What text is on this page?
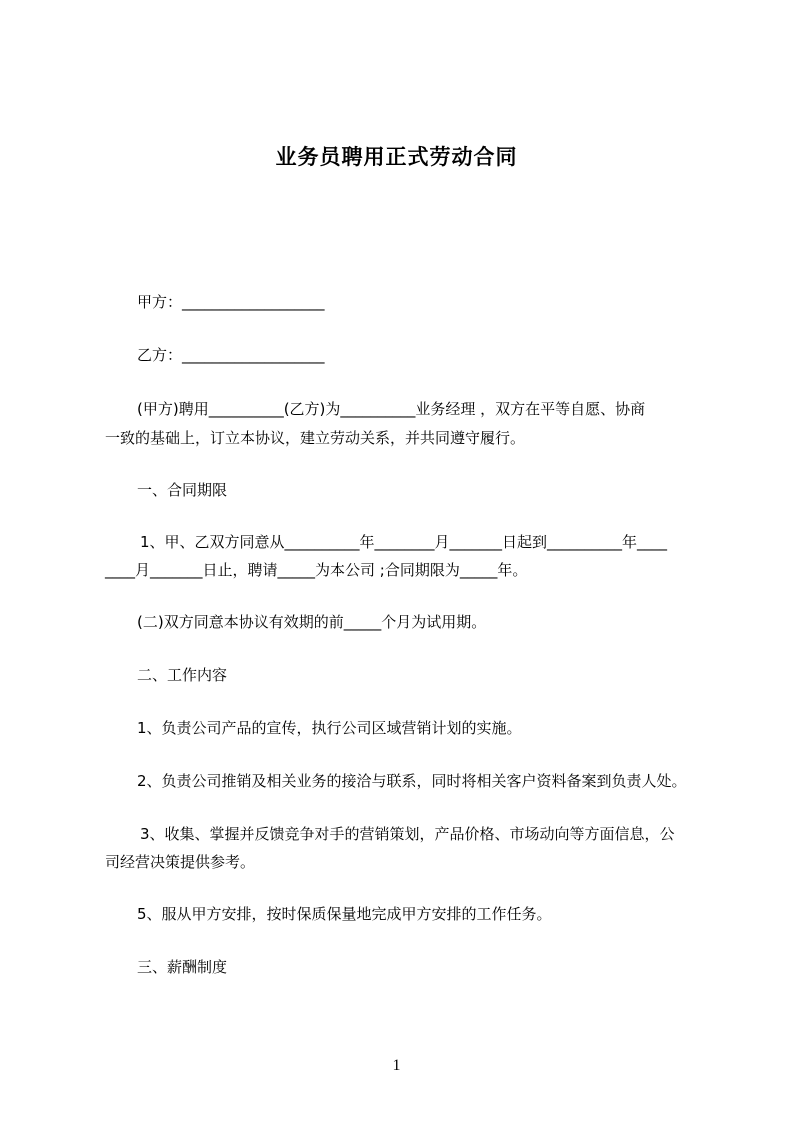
业务员聘用正式劳动合同
甲方：___________________
乙方：___________________
(甲方)聘用__________(乙方)为__________业务经理 ，双方在平等自愿、协商
一致的基础上，订立本协议，建立劳动关系，并共同遵守履行。
一、合同期限
1、甲、乙双方同意从__________年________月_______日起到__________年____
____月_______日止，聘请_____为本公司 ;合同期限为_____年。
(二)双方同意本协议有效期的前_____个月为试用期。
二、工作内容
1、负责公司产品的宣传，执行公司区域营销计划的实施。
2、负责公司推销及相关业务的接洽与联系，同时将相关客户资料备案到负责人处。
3、收集、掌握并反馈竞争对手的营销策划，产品价格、市场动向等方面信息，公
司经营决策提供参考。
5、服从甲方安排，按时保质保量地完成甲方安排的工作任务。
三、薪酬制度
1
